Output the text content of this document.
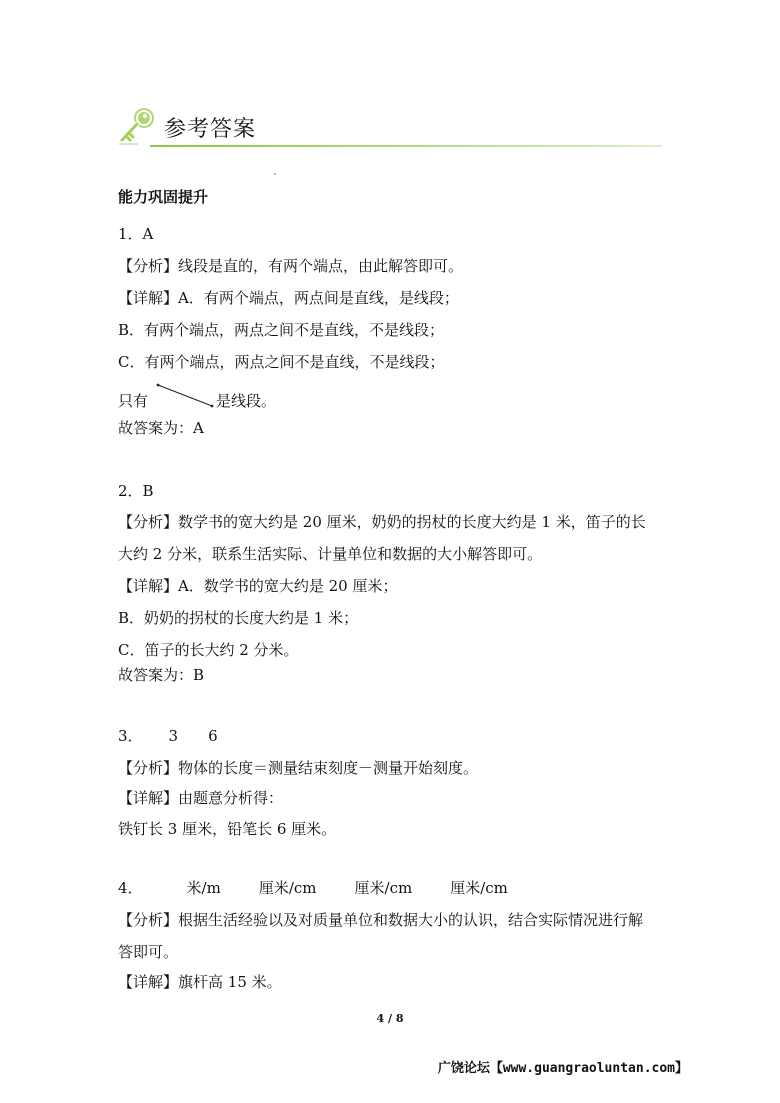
参考答案
能力巩固提升
1．A
【分析】线段是直的，有两个端点，由此解答即可。
【详解】A．有两个端点，两点间是直线，是线段；
B．有两个端点，两点之间不是直线，不是线段；
C．有两个端点，两点之间不是直线，不是线段；
只有	是线段。
故答案为：A
2．B
【分析】数学书的宽大约是 20 厘米，奶奶的拐杖的长度大约是 1 米，笛子的长
大约 2 分米，联系生活实际、计量单位和数据的大小解答即可。
【详解】A．数学书的宽大约是 20 厘米；
B．奶奶的拐杖的长度大约是 1 米；
C．笛子的长大约 2 分米。
故答案为：B
3． 3 6
【分析】物体的长度＝测量结束刻度－测量开始刻度。
【详解】由题意分析得：
铁钉长 3 厘米，铅笔长 6 厘米。
4．	米/m	厘米/cm	厘米/cm	厘米/cm
【分析】根据生活经验以及对质量单位和数据大小的认识，结合实际情况进行解
答即可。
【详解】旗杆高 15 米。
4 / 8
广饶论坛【www.guangraoluntan.com】
